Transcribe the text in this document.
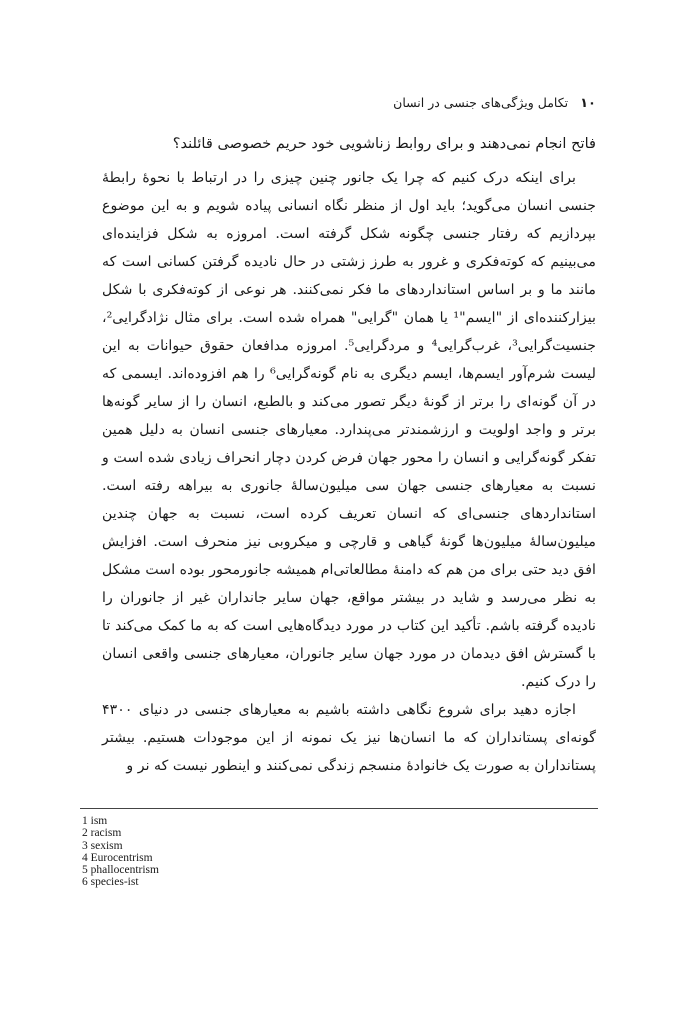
۱۰
تکامل ویژگی‌های جنسی در انسان

فاتح انجام نمی‌دهند و برای روابط زناشویی خود حریم خصوصی قائلند؟

برای اینکه درک کنیم که چرا یک جانور چنین چیزی را در ارتباط با نحوهٔ رابطهٔ جنسی انسان می‌گوید؛ باید اول از منظر نگاه انسانی پیاده شویم و به این موضوع بپردازیم که رفتار جنسی چگونه شکل گرفته است. امروزه به شکل فزاینده‌ای می‌بینیم که کوته‌فکری و غرور به طرز زشتی در حال نادیده گرفتن کسانی است که مانند ما و بر اساس استانداردهای ما فکر نمی‌کنند. هر نوعی از کوته‌فکری با شکل بیزارکننده‌ای از "ایسم"¹ یا همان "گرایی" همراه شده است. برای مثال نژادگرایی²، جنسیت‌گرایی³، غرب‌گرایی⁴ و مردگرایی⁵. امروزه مدافعان حقوق حیوانات به این لیست شرم‌آور ایسم‌ها، ایسم دیگری به نام گونه‌گرایی⁶ را هم افزوده‌اند. ایسمی که در آن گونه‌ای را برتر از گونهٔ دیگر تصور می‌کند و بالطبع، انسان را از سایر گونه‌ها برتر و واجد اولویت و ارزشمندتر می‌پندارد. معیارهای جنسی انسان به دلیل همین تفکر گونه‌گرایی و انسان را محور جهان فرض کردن دچار انحراف زیادی شده است و نسبت به معیارهای جنسی جهان سی میلیون‌سالهٔ جانوری به بیراهه رفته است. استانداردهای جنسی‌ای که انسان تعریف کرده است، نسبت به جهان چندین میلیون‌سالهٔ میلیون‌ها گونهٔ گیاهی و قارچی و میکروبی نیز منحرف است. افزایش افق دید حتی برای من هم که دامنهٔ مطالعاتی‌ام همیشه جانورمحور بوده است مشکل به نظر می‌رسد و شاید در بیشتر مواقع، جهان سایر جانداران غیر از جانوران را نادیده گرفته باشم. تأکید این کتاب در مورد دیدگاه‌هایی است که به ما کمک می‌کند تا با گسترش افق دیدمان در مورد جهان سایر جانوران، معیارهای جنسی واقعی انسان را درک کنیم.

اجازه دهید برای شروع نگاهی داشته باشیم به معیارهای جنسی در دنیای ۴۳۰۰ گونه‌ای پستانداران که ما انسان‌ها نیز یک نمونه از این موجودات هستیم. بیشتر پستانداران به صورت یک خانوادهٔ منسجم زندگی نمی‌کنند و اینطور نیست که نر و

1 ism
2 racism
3 sexism
4 Eurocentrism
5 phallocentrism
6 species-ist
